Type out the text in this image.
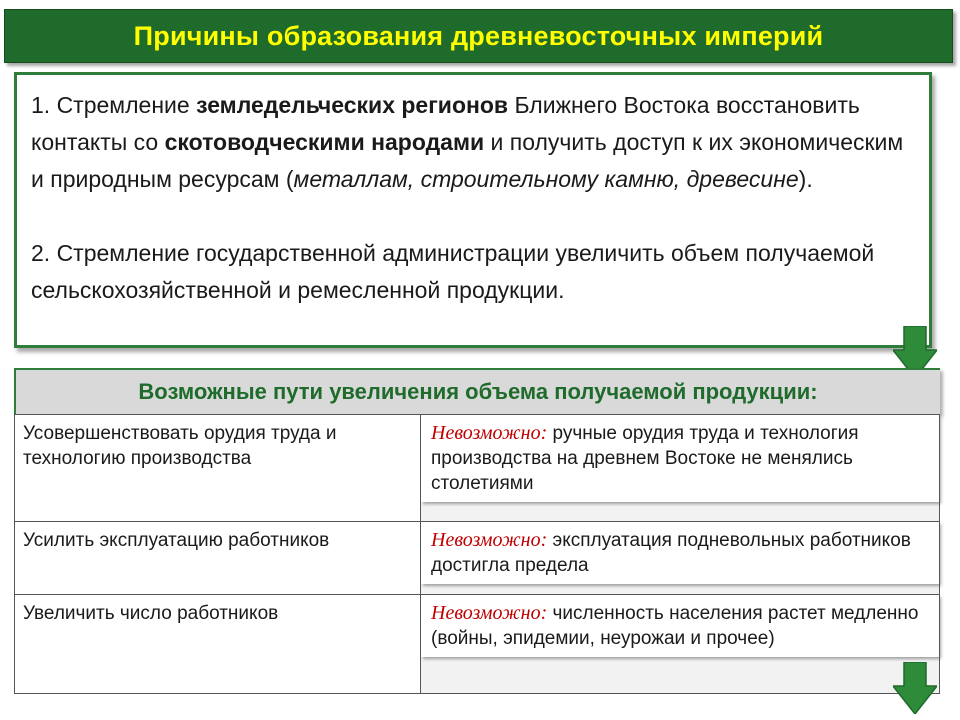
Причины образования древневосточных империй

1. Стремление земледельческих регионов Ближнего Востока восстановить контакты со скотоводческими народами и получить доступ к их экономическим и природным ресурсам (металлам, строительному камню, древесине).

2. Стремление государственной администрации увеличить объем получаемой сельскохозяйственной и ремесленной продукции.

Возможные пути увеличения объема получаемой продукции:
Усовершенствовать орудия труда и технологию производства	Невозможно: ручные орудия труда и технология производства на древнем Востоке не менялись столетиями

Усилить эксплуатацию работников	Невозможно: эксплуатация подневольных работников достигла предела

Увеличить число работников	Невозможно: численность населения растет медленно (войны, эпидемии, неурожаи и прочее)
